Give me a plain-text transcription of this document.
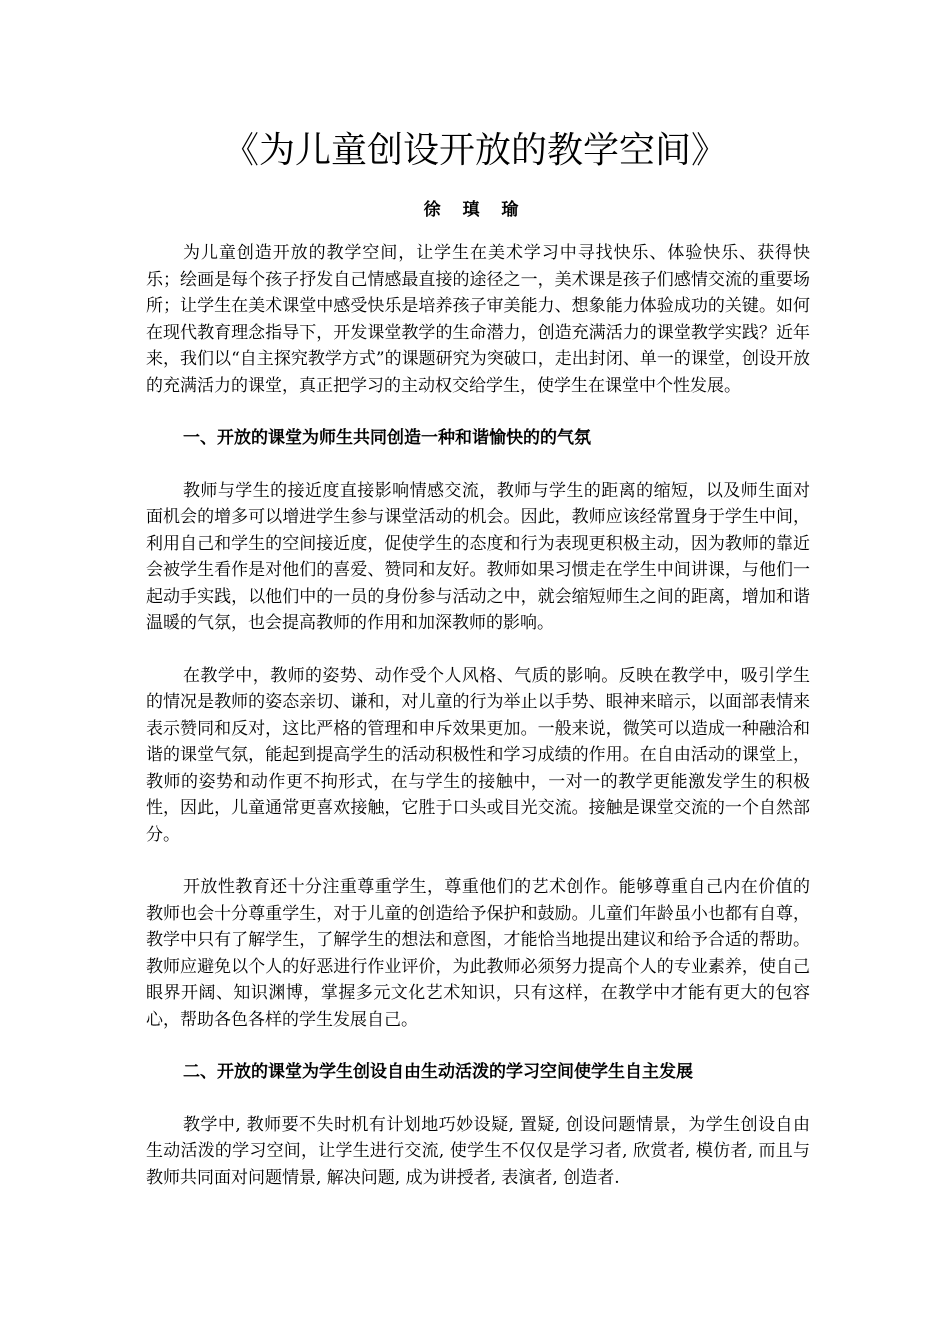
《为儿童创设开放的教学空间》
徐 瑱 瑜

为儿童创造开放的教学空间，让学生在美术学习中寻找快乐、体验快乐、获得快乐；绘画是每个孩子抒发自己情感最直接的途径之一，美术课是孩子们感情交流的重要场所；让学生在美术课堂中感受快乐是培养孩子审美能力、想象能力体验成功的关键。如何在现代教育理念指导下，开发课堂教学的生命潜力，创造充满活力的课堂教学实践？近年来，我们以“自主探究教学方式”的课题研究为突破口，走出封闭、单一的课堂，创设开放的充满活力的课堂，真正把学习的主动权交给学生，使学生在课堂中个性发展。

一、开放的课堂为师生共同创造一种和谐愉快的的气氛

教师与学生的接近度直接影响情感交流，教师与学生的距离的缩短，以及师生面对面机会的增多可以增进学生参与课堂活动的机会。因此，教师应该经常置身于学生中间，利用自己和学生的空间接近度，促使学生的态度和行为表现更积极主动，因为教师的靠近会被学生看作是对他们的喜爱、赞同和友好。教师如果习惯走在学生中间讲课，与他们一起动手实践，以他们中的一员的身份参与活动之中，就会缩短师生之间的距离，增加和谐温暖的气氛，也会提高教师的作用和加深教师的影响。

在教学中，教师的姿势、动作受个人风格、气质的影响。反映在教学中，吸引学生的情况是教师的姿态亲切、谦和，对儿童的行为举止以手势、眼神来暗示，以面部表情来表示赞同和反对，这比严格的管理和申斥效果更加。一般来说，微笑可以造成一种融洽和谐的课堂气氛，能起到提高学生的活动积极性和学习成绩的作用。在自由活动的课堂上，教师的姿势和动作更不拘形式，在与学生的接触中，一对一的教学更能激发学生的积极性，因此，儿童通常更喜欢接触，它胜于口头或目光交流。接触是课堂交流的一个自然部分。

开放性教育还十分注重尊重学生，尊重他们的艺术创作。能够尊重自己内在价值的教师也会十分尊重学生，对于儿童的创造给予保护和鼓励。儿童们年龄虽小也都有自尊，教学中只有了解学生，了解学生的想法和意图，才能恰当地提出建议和给予合适的帮助。教师应避免以个人的好恶进行作业评价，为此教师必须努力提高个人的专业素养，使自己眼界开阔、知识渊博，掌握多元文化艺术知识，只有这样，在教学中才能有更大的包容心，帮助各色各样的学生发展自己。

二、开放的课堂为学生创设自由生动活泼的学习空间使学生自主发展

教学中, 教师要不失时机有计划地巧妙设疑, 置疑, 创设问题情景，为学生创设自由生动活泼的学习空间，让学生进行交流, 使学生不仅仅是学习者, 欣赏者, 模仿者, 而且与教师共同面对问题情景, 解决问题, 成为讲授者, 表演者, 创造者.
